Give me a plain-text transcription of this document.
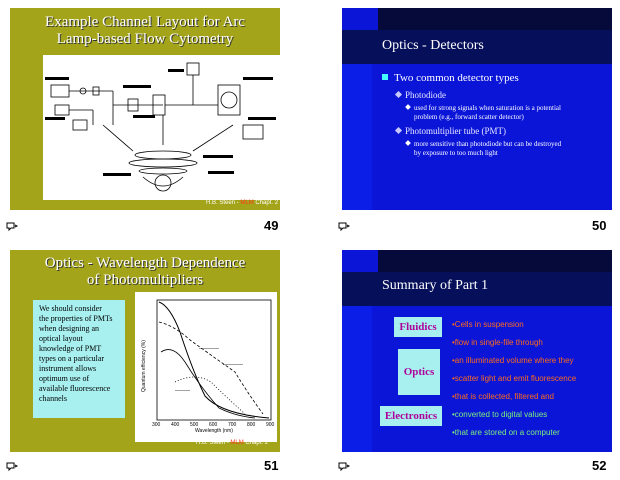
Example Channel Layout for Arc
Lamp-based Flow Cytometry
H.B. Steen - MLM Chapt. 2
49
Optics - Detectors
Two common detector types
Photodiode
used for strong signals when saturation is a potential
problem (e.g., forward scatter detector)
Photomultiplier tube (PMT)
more sensitive than photodiode but can be destroyed
by exposure to too much light
50
Optics - Wavelength Dependence
of Photomultipliers
We should consider
the properties of PMTs
when designing an
optical layout
knowledge of PMT
types on a particular
instrument allows
optimum use of
available fluorescence
channels
————
————
———
Wavelength (nm)
Quantum efficiency (%)
300 400 500 600 700 800 900
H.B. Steen - MLM Chapt. 2
51
Summary of Part 1
Fluidics
Optics
Electronics
•Cells in suspension
•flow in single-file through
•an illuminated volume where they
•scatter light and emit fluorescence
•that is collected, filtered and
•converted to digital values
•that are stored on a computer
52
